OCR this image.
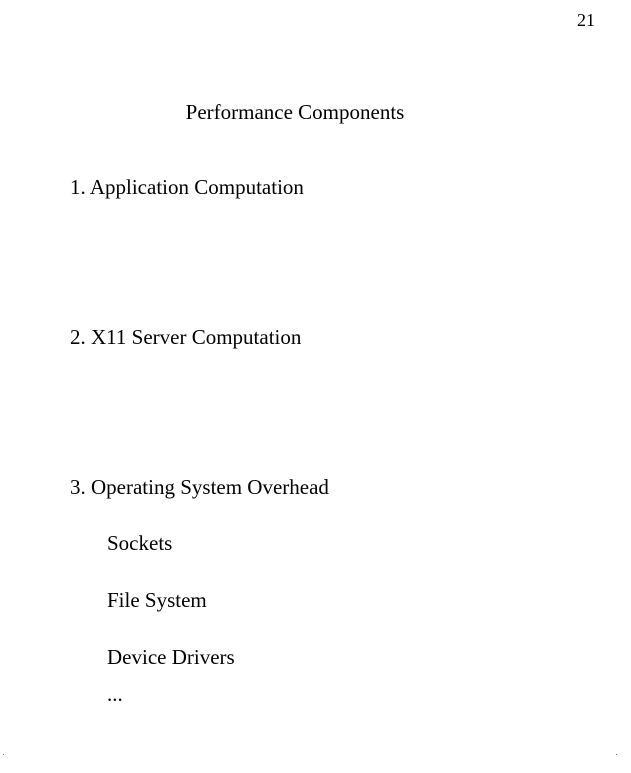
21
Performance Components
1. Application Computation
2. X11 Server Computation
3. Operating System Overhead
Sockets
File System
Device Drivers
...
